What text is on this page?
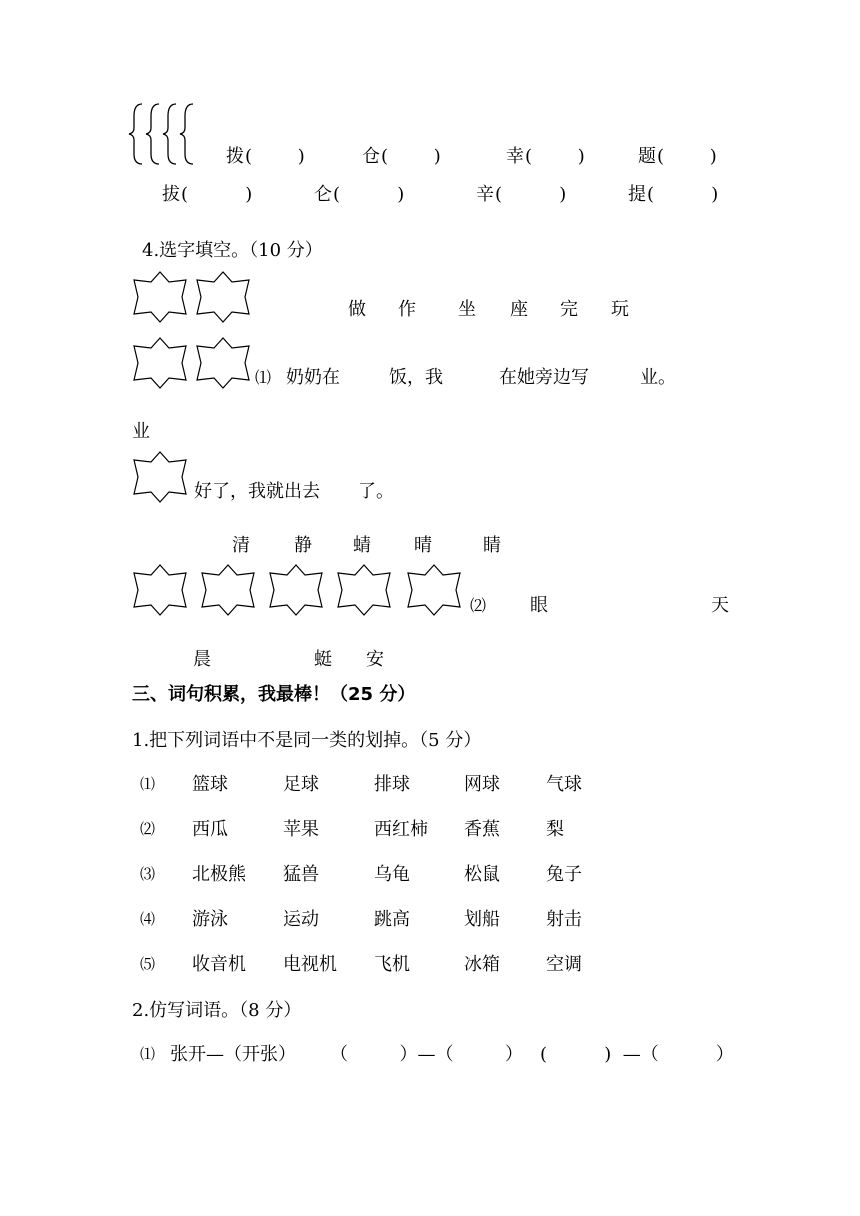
拨 (        )	仓 (        )	幸 (        )	题 (        )
拔 (          )	仑 (          )	辛 (          )	提 (          )
4.选字填空。（10 分）
做 作 坐 座 完 玩
⑴ 奶奶在	饭，我	在她旁边写	业。
业
好了，我就出去 了。
清 静 蜻 晴	睛
⑵ 眼	天
晨	蜓 安
三、词句积累，我最棒！（25 分）
1.把下列词语中不是同一类的划掉。（5 分）
⑴ 篮球	足球	排球	网球	气球
⑵ 西瓜	苹果	西红柿 香蕉	梨
⑶ 北极熊 猛兽	乌龟	松鼠	兔子
⑷ 游泳	运动	跳高	划船	射击
⑸ 收音机 电视机 飞机	冰箱	空调
2.仿写词语。（8 分）
⑴ 张开—（开张） （         ）—（         ） (          )  —（          ）
